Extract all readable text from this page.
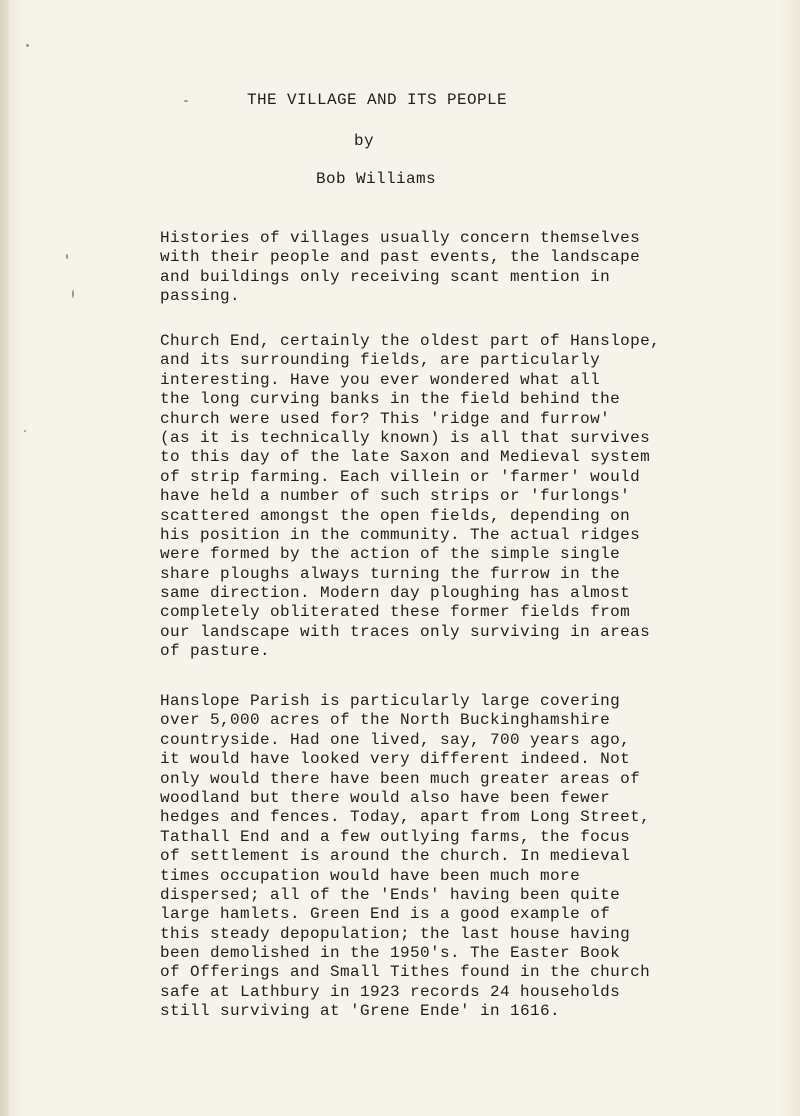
THE VILLAGE AND ITS PEOPLE
by
Bob Williams
Histories of villages usually concern themselves
with their people and past events, the landscape
and buildings only receiving scant mention in
passing.
Church End, certainly the oldest part of Hanslope,
and its surrounding fields, are particularly
interesting. Have you ever wondered what all
the long curving banks in the field behind the
church were used for? This 'ridge and furrow'
(as it is technically known) is all that survives
to this day of the late Saxon and Medieval system
of strip farming. Each villein or 'farmer' would
have held a number of such strips or 'furlongs'
scattered amongst the open fields, depending on
his position in the community. The actual ridges
were formed by the action of the simple single
share ploughs always turning the furrow in the
same direction. Modern day ploughing has almost
completely obliterated these former fields from
our landscape with traces only surviving in areas
of pasture.
Hanslope Parish is particularly large covering
over 5,000 acres of the North Buckinghamshire
countryside. Had one lived, say, 700 years ago,
it would have looked very different indeed. Not
only would there have been much greater areas of
woodland but there would also have been fewer
hedges and fences. Today, apart from Long Street,
Tathall End and a few outlying farms, the focus
of settlement is around the church. In medieval
times occupation would have been much more
dispersed; all of the 'Ends' having been quite
large hamlets. Green End is a good example of
this steady depopulation; the last house having
been demolished in the 1950's. The Easter Book
of Offerings and Small Tithes found in the church
safe at Lathbury in 1923 records 24 households
still surviving at 'Grene Ende' in 1616.
